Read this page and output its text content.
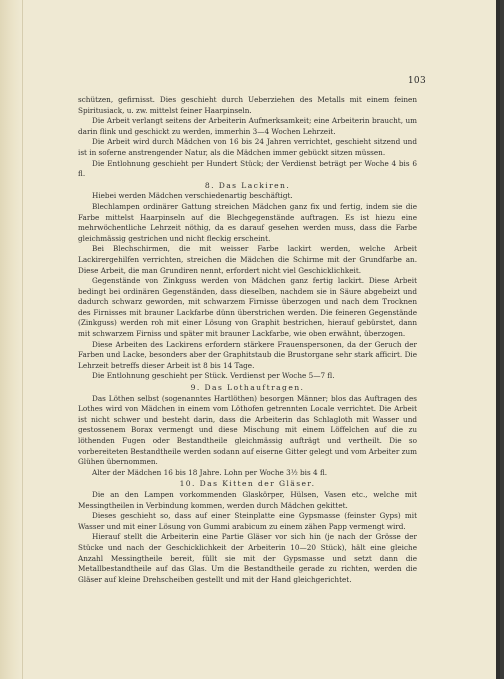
103

schützen, gefirnisst. Dies geschieht durch Ueberziehen des Metalls mit einem feinen Spiritusiack, u. zw. mittelst feiner Haarpinseln.

Die Arbeit verlangt seitens der Arbeiterin Aufmerksamkeit; eine Arbeiterin braucht, um darin flink und geschickt zu werden, immerhin 3—4 Wochen Lehrzeit.

Die Arbeit wird durch Mädchen von 16 bis 24 Jahren verrichtet, geschieht sitzend und ist in soferne anstrengender Natur, als die Mädchen immer gebückt sitzen müssen.

Die Entlohnung geschieht per Hundert Stück; der Verdienst beträgt per Woche 4 bis 6 fl.

8. Das Lackiren.

Hiebei werden Mädchen verschiedenartig beschäftigt.

Blechlampen ordinärer Gattung streichen Mädchen ganz fix und fertig, indem sie die Farbe mittelst Haarpinseln auf die Blechgegenstände auftragen. Es ist hiezu eine mehrwöchentliche Lehrzeit nöthig, da es darauf gesehen werden muss, dass die Farbe gleichmässig gestrichen und nicht fleckig erscheint.

Bei Blechschirmen, die mit weisser Farbe lackirt werden, welche Arbeit Lackirergehilfen verrichten, streichen die Mädchen die Schirme mit der Grundfarbe an. Diese Arbeit, die man Grundiren nennt, erfordert nicht viel Geschicklichkeit.

Gegenstände von Zinkguss werden von Mädchen ganz fertig lackirt. Diese Arbeit bedingt bei ordinären Gegenständen, dass dieselben, nachdem sie in Säure abgebeizt und dadurch schwarz geworden, mit schwarzem Firnisse überzogen und nach dem Trocknen des Firnisses mit brauner Lackfarbe dünn überstrichen werden. Die feineren Gegenstände (Zinkguss) werden roh mit einer Lösung von Graphit bestrichen, hierauf gebürstet, dann mit schwarzem Firniss und später mit brauner Lackfarbe, wie oben erwähnt, überzogen.

Diese Arbeiten des Lackirens erfordern stärkere Frauenspersonen, da der Geruch der Farben und Lacke, besonders aber der Graphitstaub die Brustorgane sehr stark afficirt. Die Lehrzeit betreffs dieser Arbeit ist 8 bis 14 Tage.

Die Entlohnung geschieht per Stück. Verdienst per Woche 5—7 fl.

9. Das Lothauftragen.

Das Löthen selbst (sogenanntes Hartlöthen) besorgen Männer; blos das Auftragen des Lothes wird von Mädchen in einem vom Löthofen getrennten Locale verrichtet. Die Arbeit ist nicht schwer und besteht darin, dass die Arbeiterin das Schlagloth mit Wasser und gestossenem Borax vermengt und diese Mischung mit einem Löffelchen auf die zu löthenden Fugen oder Bestandtheile gleichmässig aufträgt und vertheilt. Die so vorbereiteten Bestandtheile werden sodann auf eiserne Gitter gelegt und vom Arbeiter zum Glühen übernommen.

Alter der Mädchen 16 bis 18 Jahre. Lohn per Woche 3½ bis 4 fl.

10. Das Kitten der Gläser.

Die an den Lampen vorkommenden Glaskörper, Hülsen, Vasen etc., welche mit Messingtheilen in Verbindung kommen, werden durch Mädchen gekittet.

Dieses geschieht so, dass auf einer Steinplatte eine Gypsmasse (feinster Gyps) mit Wasser und mit einer Lösung von Gummi arabicum zu einem zähen Papp vermengt wird.

Hierauf stellt die Arbeiterin eine Partie Gläser vor sich hin (je nach der Grösse der Stücke und nach der Geschicklichkeit der Arbeiterin 10—20 Stück), hält eine gleiche Anzahl Messingtheile bereit, füllt sie mit der Gypsmasse und setzt dann die Metallbestandtheile auf das Glas. Um die Bestandtheile gerade zu richten, werden die Gläser auf kleine Drehscheiben gestellt und mit der Hand gleichgerichtet.
